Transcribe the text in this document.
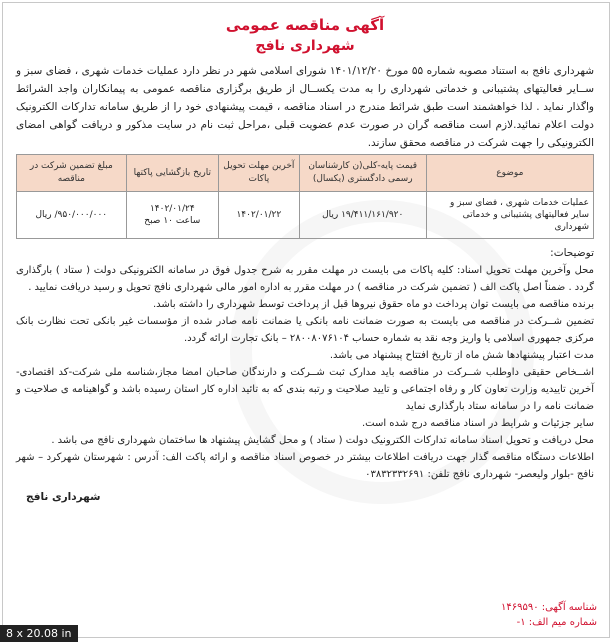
آگهی مناقصه عمومی

شهرداری نافج

شهرداری نافج به استناد مصوبه شماره ۵۵ مورخ ۱۴۰۱/۱۲/۲۰ شورای اسلامی شهر در نظر دارد عملیات خدمات شهری ، فضای سبز و ســایر فعالیتهای پشتیبانی و خدماتی شهرداری را به مدت یکســال از طریق برگزاری مناقصه عمومی به پیمانکاران واجد الشرائط واگذار نماید . لذا خواهشمند است طبق شرائط مندرج در اسناد مناقصه ، قیمت پیشنهادی خود را از طریق سامانه تدارکات الکترونیک دولت اعلام نمائید.لازم است مناقصه گران در صورت عدم عضویت قبلی ،مراحل ثبت نام در سایت مذکور و دریافت گواهی امضای الکترونیکی را جهت شرکت در مناقصه محقق سازند.

موضوع	قیمت پایه-کلی(ن کارشناسان رسمی دادگستری (یکسال)	آخرین مهلت تحویل پاکات	تاریخ بازگشایی پاکتها	مبلغ تضمین شرکت در مناقصه
عملیات خدمات شهری ، فضای سبز و سایر فعالیتهای پشتیبانی و خدماتی شهرداری	۱۹/۴۱۱/۱۶۱/۹۲۰ ریال	۱۴۰۲/۰۱/۲۲	۱۴۰۲/۰۱/۲۴
ساعت ۱۰ صبح	۹۵۰/۰۰۰/۰۰۰/ ریال

توضیحات:

محل وآخرین مهلت تحویل اسناد: کلیه پاکات می بایست در مهلت مقرر به شرح جدول فوق در سامانه الکترونیکی دولت ( ستاد ) بارگذاری گردد . ضمناً اصل پاکت الف ( تضمین شرکت در مناقصه ) در مهلت مقرر به اداره امور مالی شهرداری نافج تحویل و رسید دریافت نمایید .

برنده مناقصه می بایست توان پرداخت دو ماه حقوق نیروها قبل از پرداخت توسط شهرداری را داشته باشد.

تضمین شــرکت در مناقصه می بایست به صورت ضمانت نامه بانکی یا ضمانت نامه صادر شده از مؤسسات غیر بانکی تحت نظارت بانک مرکزی جمهوری اسلامی یا واریز وجه نقد به شماره حساب ۲۸۰۰۸۰۷۶۱۰۴ – بانک تجارت ارائه گردد.

مدت اعتبار پیشنهادها شش ماه از تاریخ افتتاح پیشنهاد می باشد.

اشــخاص حقیقی داوطلب شــرکت در مناقصه باید مدارک ثبت شــرکت و دارندگان صاحبان امضا مجاز،شناسه ملی شرکت-کد اقتصادی-آخرین تاییدیه وزارت تعاون کار و رفاه اجتماعی و تایید صلاحیت و رتبه بندی که به تائید اداره کار استان رسیده باشد و گواهینامه ی صلاحیت و ضمانت نامه را در سامانه ستاد بارگذاری نماید

سایر جزئیات و شرایط در اسناد مناقصه درج شده است.

محل دریافت و تحویل اسناد سامانه تدارکات الکترونیک دولت ( ستاد ) و محل گشایش پیشنهاد ها ساختمان شهرداری نافج می باشد .

اطلاعات دستگاه مناقصه گذار جهت دریافت اطلاعات بیشتر در خصوص اسناد مناقصه و ارائه پاکت الف: آدرس : شهرستان شهرکرد – شهر نافج -بلوار ولیعصر- شهرداری نافج تلفن: ۰۳۸۳۲۳۳۲۶۹۱

شهرداری نافج
شناسه آگهی: ۱۴۶۹۵۹۰
شماره میم الف: ۱-
8 x 20.08 in
